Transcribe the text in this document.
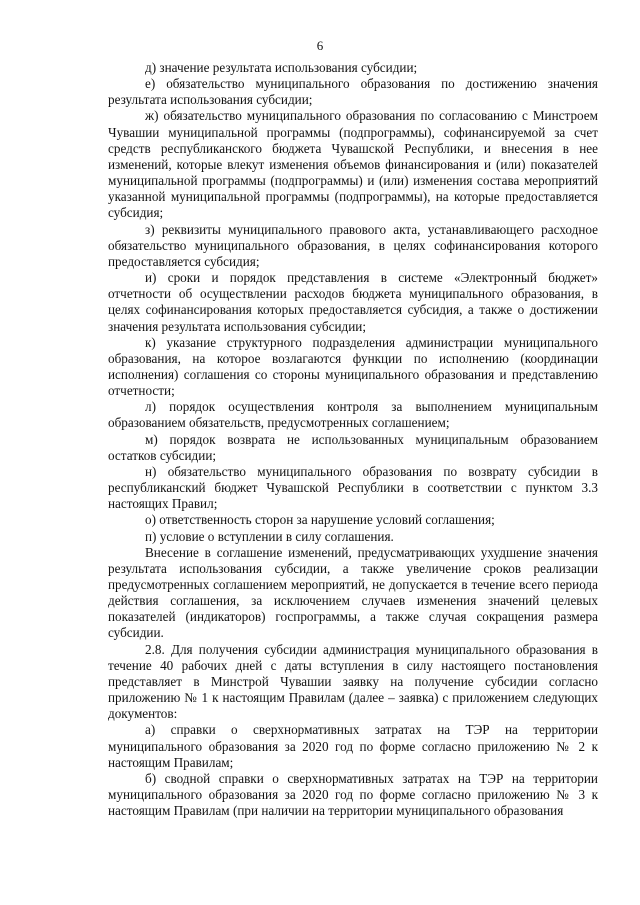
6

д) значение результата использования субсидии;

е) обязательство муниципального образования по достижению значения результата использования субсидии;

ж) обязательство муниципального образования по согласованию с Минстроем Чувашии муниципальной программы (подпрограммы), софинансируемой за счет средств республиканского бюджета Чувашской Республики, и внесения в нее изменений, которые влекут изменения объемов финансирования и (или) показателей муниципальной программы (подпрограммы) и (или) изменения состава мероприятий указанной муниципальной программы (подпрограммы), на которые предоставляется субсидия;

з) реквизиты муниципального правового акта, устанавливающего расходное обязательство муниципального образования, в целях софинансирования которого предоставляется субсидия;

и) сроки и порядок представления в системе «Электронный бюджет» отчетности об осуществлении расходов бюджета муниципального образования, в целях софинансирования которых предоставляется субсидия, а также о достижении значения результата использования субсидии;

к) указание структурного подразделения администрации муниципального образования, на которое возлагаются функции по исполнению (координации исполнения) соглашения со стороны муниципального образования и представлению отчетности;

л) порядок осуществления контроля за выполнением муниципальным образованием обязательств, предусмотренных соглашением;

м) порядок возврата не использованных муниципальным образованием остатков субсидии;

н) обязательство муниципального образования по возврату субсидии в республиканский бюджет Чувашской Республики в соответствии с пунктом 3.3 настоящих Правил;

о) ответственность сторон за нарушение условий соглашения;

п) условие о вступлении в силу соглашения.

Внесение в соглашение изменений, предусматривающих ухудшение значения результата использования субсидии, а также увеличение сроков реализации предусмотренных соглашением мероприятий, не допускается в течение всего периода действия соглашения, за исключением случаев изменения значений целевых показателей (индикаторов) госпрограммы, а также случая сокращения размера субсидии.

2.8. Для получения субсидии администрация муниципального образования в течение 40 рабочих дней с даты вступления в силу настоящего постановления представляет в Минстрой Чувашии заявку на получение субсидии согласно приложению № 1 к настоящим Правилам (далее – заявка) с приложением следующих документов:

а) справки о сверхнормативных затратах на ТЭР на территории муниципального образования за 2020 год по форме согласно приложению № 2 к настоящим Правилам;

б) сводной справки о сверхнормативных затратах на ТЭР на территории муниципального образования за 2020 год по форме согласно приложению № 3 к настоящим Правилам (при наличии на территории муниципального образования
